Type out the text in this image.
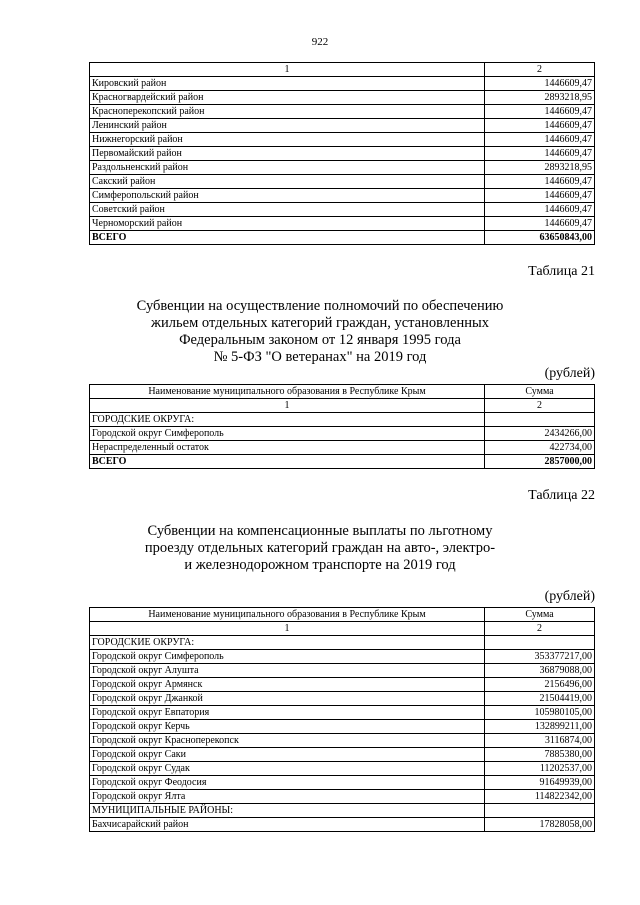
922
1	2
Кировский район	1446609,47
Красногвардейский район	2893218,95
Красноперекопский район	1446609,47
Ленинский район	1446609,47
Нижнегорский район	1446609,47
Первомайский район	1446609,47
Раздольненский район	2893218,95
Сакский район	1446609,47
Симферопольский район	1446609,47
Советский район	1446609,47
Черноморский район	1446609,47
ВСЕГО	63650843,00
Таблица 21
Субвенции на осуществление полномочий по обеспечению
жильем отдельных категорий граждан, установленных
Федеральным законом от 12 января 1995 года
№ 5-ФЗ "О ветеранах" на 2019 год
(рублей)
Наименование муниципального образования в Республике Крым	Сумма
1	2
ГОРОДСКИЕ ОКРУГА:	
Городской округ Симферополь	2434266,00
Нераспределенный остаток	422734,00
ВСЕГО	2857000,00
Таблица 22
Субвенции на компенсационные выплаты по льготному
проезду отдельных категорий граждан на авто-, электро-
и железнодорожном транспорте на 2019 год
(рублей)
Наименование муниципального образования в Республике Крым	Сумма
1	2
ГОРОДСКИЕ ОКРУГА:	
Городской округ Симферополь	353377217,00
Городской округ Алушта	36879088,00
Городской округ Армянск	2156496,00
Городской округ Джанкой	21504419,00
Городской округ Евпатория	105980105,00
Городской округ Керчь	132899211,00
Городской округ Красноперекопск	3116874,00
Городской округ Саки	7885380,00
Городской округ Судак	11202537,00
Городской округ Феодосия	91649939,00
Городской округ Ялта	114822342,00
МУНИЦИПАЛЬНЫЕ РАЙОНЫ:	
Бахчисарайский район	17828058,00
